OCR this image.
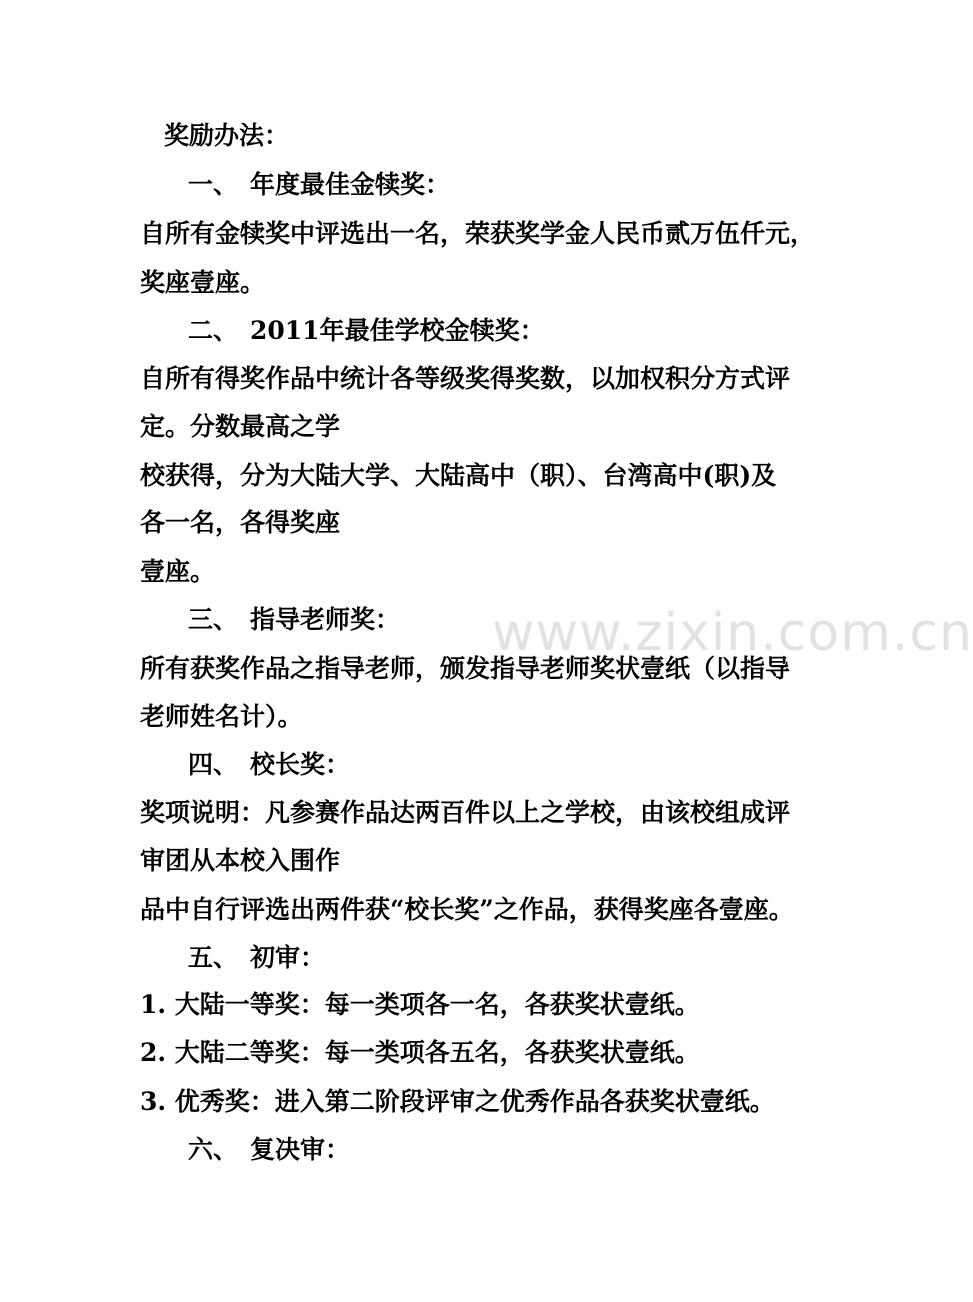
www.zixin.com.cn
奖励办法：
一、 年度最佳金犊奖：
自所有金犊奖中评选出一名，荣获奖学金人民币贰万伍仟元，
奖座壹座。
二、 2011年最佳学校金犊奖：
自所有得奖作品中统计各等级奖得奖数，以加权积分方式评
定。分数最高之学
校获得，分为大陆大学、大陆高中（职）、台湾高中(职)及
各一名，各得奖座
壹座。
三、 指导老师奖：
所有获奖作品之指导老师，颁发指导老师奖状壹纸（以指导
老师姓名计）。
四、 校长奖：
奖项说明：凡参赛作品达两百件以上之学校，由该校组成评
审团从本校入围作
品中自行评选出两件获“校长奖”之作品，获得奖座各壹座。
五、 初审：
1. 大陆一等奖：每一类项各一名，各获奖状壹纸。
2. 大陆二等奖：每一类项各五名，各获奖状壹纸。
3. 优秀奖：进入第二阶段评审之优秀作品各获奖状壹纸。
六、 复决审：
